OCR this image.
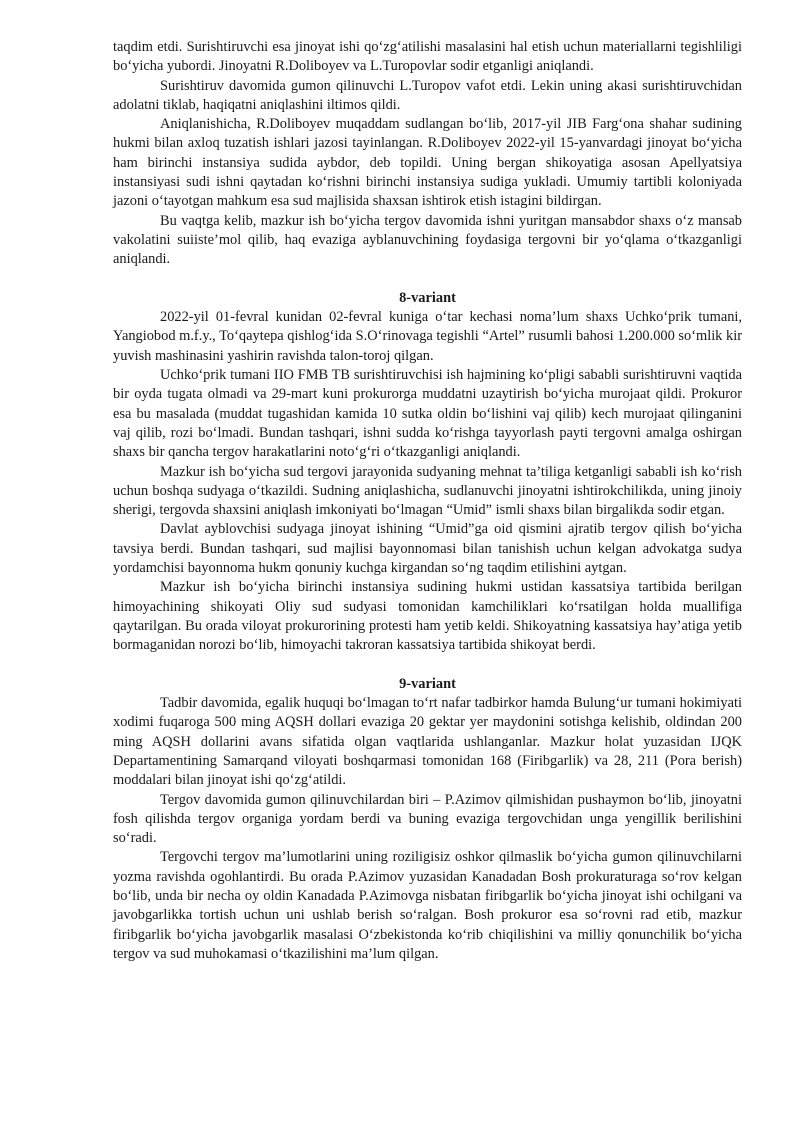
taqdim etdi. Surishtiruvchi esa jinoyat ishi qo‘zg‘atilishi masalasini hal etish uchun materiallarni tegishliligi bo‘yicha yubordi. Jinoyatni R.Doliboyev va L.Turopovlar sodir etganligi aniqlandi.

Surishtiruv davomida gumon qilinuvchi L.Turopov vafot etdi. Lekin uning akasi surishtiruvchidan adolatni tiklab, haqiqatni aniqlashini iltimos qildi.

Aniqlanishicha, R.Doliboyev muqaddam sudlangan bo‘lib, 2017-yil JIB Farg‘ona shahar sudining hukmi bilan axloq tuzatish ishlari jazosi tayinlangan. R.Doliboyev 2022-yil 15-yanvardagi jinoyat bo‘yicha ham birinchi instansiya sudida aybdor, deb topildi. Uning bergan shikoyatiga asosan Apellyatsiya instansiyasi sudi ishni qaytadan ko‘rishni birinchi instansiya sudiga yukladi. Umumiy tartibli koloniyada jazoni o‘tayotgan mahkum esa sud majlisida shaxsan ishtirok etish istagini bildirgan.

Bu vaqtga kelib, mazkur ish bo‘yicha tergov davomida ishni yuritgan mansabdor shaxs o‘z mansab vakolatini suiiste’mol qilib, haq evaziga ayblanuvchining foydasiga tergovni bir yo‘qlama o‘tkazganligi aniqlandi.

8-variant

2022-yil 01-fevral kunidan 02-fevral kuniga o‘tar kechasi noma’lum shaxs Uchko‘prik tumani, Yangiobod m.f.y., To‘qaytepa qishlog‘ida S.O‘rinovaga tegishli “Artel” rusumli bahosi 1.200.000 so‘mlik kir yuvish mashinasini yashirin ravishda talon-toroj qilgan.

Uchko‘prik tumani IIO FMB TB surishtiruvchisi ish hajmining ko‘pligi sababli surishtiruvni vaqtida bir oyda tugata olmadi va 29-mart kuni prokurorga muddatni uzaytirish bo‘yicha murojaat qildi. Prokuror esa bu masalada (muddat tugashidan kamida 10 sutka oldin bo‘lishini vaj qilib) kech murojaat qilinganini vaj qilib, rozi bo‘lmadi. Bundan tashqari, ishni sudda ko‘rishga tayyorlash payti tergovni amalga oshirgan shaxs bir qancha tergov harakatlarini noto‘g‘ri o‘tkazganligi aniqlandi.

Mazkur ish bo‘yicha sud tergovi jarayonida sudyaning mehnat ta’tiliga ketganligi sababli ish ko‘rish uchun boshqa sudyaga o‘tkazildi. Sudning aniqlashicha, sudlanuvchi jinoyatni ishtirokchilikda, uning jinoiy sherigi, tergovda shaxsini aniqlash imkoniyati bo‘lmagan “Umid” ismli shaxs bilan birgalikda sodir etgan.

Davlat ayblovchisi sudyaga jinoyat ishining “Umid”ga oid qismini ajratib tergov qilish bo‘yicha tavsiya berdi. Bundan tashqari, sud majlisi bayonnomasi bilan tanishish uchun kelgan advokatga sudya yordamchisi bayonnoma hukm qonuniy kuchga kirgandan so‘ng taqdim etilishini aytgan.

Mazkur ish bo‘yicha birinchi instansiya sudining hukmi ustidan kassatsiya tartibida berilgan himoyachining shikoyati Oliy sud sudyasi tomonidan kamchiliklari ko‘rsatilgan holda muallifiga qaytarilgan. Bu orada viloyat prokurorining protesti ham yetib keldi. Shikoyatning kassatsiya hay’atiga yetib bormaganidan norozi bo‘lib, himoyachi takroran kassatsiya tartibida shikoyat berdi.

9-variant

Tadbir davomida, egalik huquqi bo‘lmagan to‘rt nafar tadbirkor hamda Bulung‘ur tumani hokimiyati xodimi fuqaroga 500 ming AQSH dollari evaziga 20 gektar yer maydonini sotishga kelishib, oldindan 200 ming AQSH dollarini avans sifatida olgan vaqtlarida ushlanganlar. Mazkur holat yuzasidan IJQK Departamentining Samarqand viloyati boshqarmasi tomonidan 168 (Firibgarlik) va 28, 211 (Pora berish) moddalari bilan jinoyat ishi qo‘zg‘atildi.

Tergov davomida gumon qilinuvchilardan biri – P.Azimov qilmishidan pushaymon bo‘lib, jinoyatni fosh qilishda tergov organiga yordam berdi va buning evaziga tergovchidan unga yengillik berilishini so‘radi.

Tergovchi tergov ma’lumotlarini uning roziligisiz oshkor qilmaslik bo‘yicha gumon qilinuvchilarni yozma ravishda ogohlantirdi. Bu orada P.Azimov yuzasidan Kanadadan Bosh prokuraturaga so‘rov kelgan bo‘lib, unda bir necha oy oldin Kanadada P.Azimovga nisbatan firibgarlik bo‘yicha jinoyat ishi ochilgani va javobgarlikka tortish uchun uni ushlab berish so‘ralgan. Bosh prokuror esa so‘rovni rad etib, mazkur firibgarlik bo‘yicha javobgarlik masalasi O‘zbekistonda ko‘rib chiqilishini va milliy qonunchilik bo‘yicha tergov va sud muhokamasi o‘tkazilishini ma’lum qilgan.
